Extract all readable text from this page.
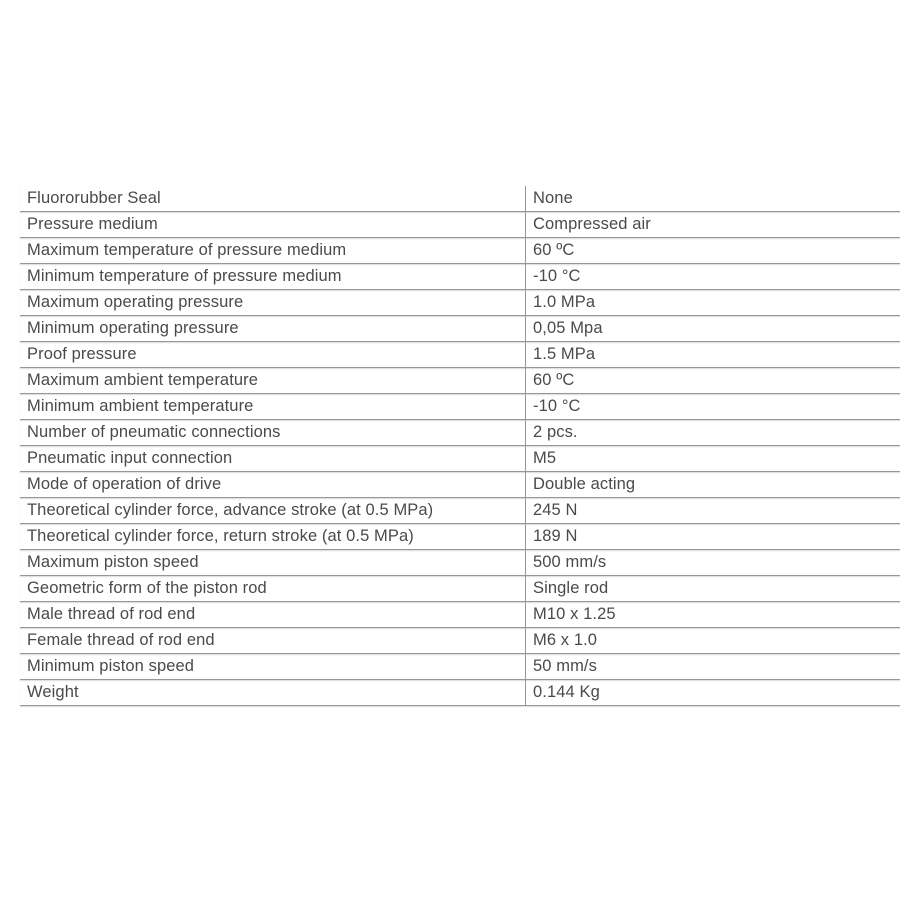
Fluororubber Seal	None
Pressure medium	Compressed air
Maximum temperature of pressure medium	60 ºC
Minimum temperature of pressure medium	-10 °C
Maximum operating pressure	1.0 MPa
Minimum operating pressure	0,05 Mpa
Proof pressure	1.5 MPa
Maximum ambient temperature	60 ºC
Minimum ambient temperature	-10 °C
Number of pneumatic connections	2 pcs.
Pneumatic input connection	M5
Mode of operation of drive	Double acting
Theoretical cylinder force, advance stroke (at 0.5 MPa)	245 N
Theoretical cylinder force, return stroke (at 0.5 MPa)	189 N
Maximum piston speed	500 mm/s
Geometric form of the piston rod	Single rod
Male thread of rod end	M10 x 1.25
Female thread of rod end	M6 x 1.0
Minimum piston speed	50 mm/s
Weight	0.144 Kg
